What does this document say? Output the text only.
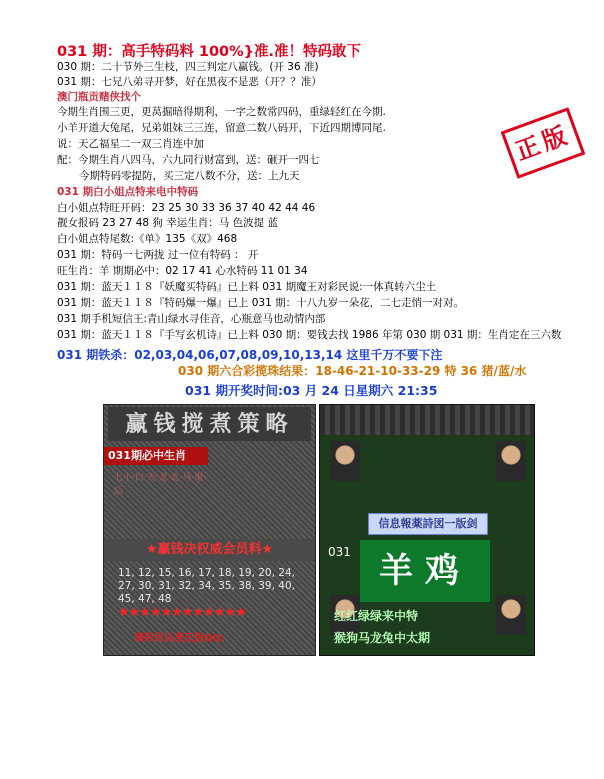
031 期：高手特码料 100%}准.准！特码敢下
正版
030 期：二十节外三生枝，四三判定八赢钱。(开 36 准)
031 期：七兄八弟寻开梦，好在黑夜不是恶（开？？准）
澳门瓶贡赌侠找个
今期生肖围三更，更莴掘暗得期利，一字之数常四码，重绿轻红在今期.
小羊开道大兔尾，兄弟姐妹三三连，留意二数八码开，下近四期博同尾.
说：天乙福星二一双三肖连中加
配：今期生肖八四马，六九同行财富到，送：砸开一四七
今期特码零提防，买三定八数不分，送：上九天
031 期白小姐点特来电中特码
白小姐点特旺开码：23 25 30 33 36 37 40 42 44 46
靓女报码 23 27 48 狗 幸运生肖：马 色波提 蓝
白小姐点特尾数:《单》135《双》468
031 期：特码一七两拢 过一位有特码 ： 开
旺生肖：羊 期期必中：02 17 41 心水特码 11 01 34
031 期：蓝天１１８『妖魔买特码』已上料 031 期魔王对彩民说:一体真转六尘土
031 期：蓝天１１８『特码爆一爆』已上 031 期：十八九岁一朵花，二七走悄一对对。
031 期手机短信王:青山绿水寻佳音，心瓶意马也动情内部
031 期：蓝天１１８『手写玄机诗』已上料 030 期：要钱去找 1986 年第 030 期 031 期：生肖定在三六数
031 期铁杀：02,03,04,06,07,08,09,10,13,14 这里千万不要下注
030 期六合彩揽珠结果：18-46-21-10-33-29 特 36 猪/蓝/水
031 期开奖时间:03 月 24 日星期六 21:35
赢钱搅煮策略
031期必中生肖
七小·白·天·龙·北·马·鬼·后
★赢钱决权威会员料★
11, 12, 15, 16, 17, 18, 19, 20, 24, 27, 30, 31, 32, 34, 35, 38, 39, 40, 45, 47, 48
★★★★★★★★★★★★
请彩民认准正版QQ:
信息報薬詩図一版剑
031 羊鸡
红红绿绿来中特
猴狗马龙兔中太期
